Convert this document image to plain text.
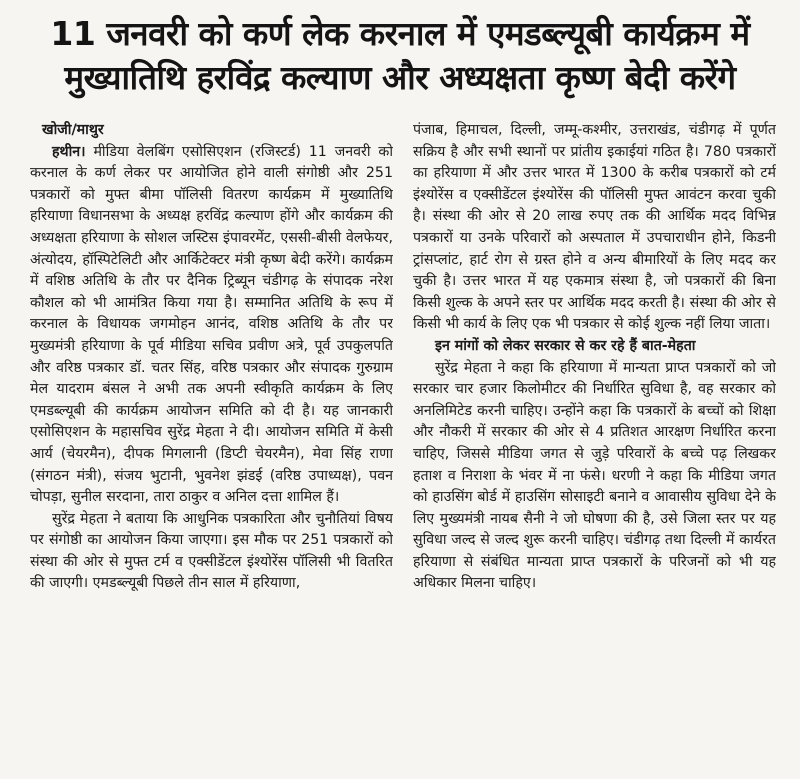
11 जनवरी को कर्ण लेक करनाल में एमडब्ल्यूबी कार्यक्रम में
मुख्यातिथि हरविंद्र कल्याण और अध्यक्षता कृष्ण बेदी करेंगे
खोजी/माथुर

हथीन। मीडिया वेलबिंग एसोसिएशन (रजिस्टर्ड) 11 जनवरी को करनाल के कर्ण लेकर पर आयोजित होने वाली संगोष्ठी और 251 पत्रकारों को मुफ्त बीमा पॉलिसी वितरण कार्यक्रम में मुख्यातिथि हरियाणा विधानसभा के अध्यक्ष हरविंद्र कल्याण होंगे और कार्यक्रम की अध्यक्षता हरियाणा के सोशल जस्टिस इंपावरमेंट, एससी-बीसी वेलफेयर, अंत्योदय, हॉस्पिटेलिटी और आर्किटेक्टर मंत्री कृष्ण बेदी करेंगे। कार्यक्रम में वशिष्ठ अतिथि के तौर पर दैनिक ट्रिब्यून चंडीगढ़ के संपादक नरेश कौशल को भी आमंत्रित किया गया है। सम्मानित अतिथि के रूप में करनाल के विधायक जगमोहन आनंद, वशिष्ठ अतिथि के तौर पर मुख्यमंत्री हरियाणा के पूर्व मीडिया सचिव प्रवीण अत्रे, पूर्व उपकुलपति और वरिष्ठ पत्रकार डॉ. चतर सिंह, वरिष्ठ पत्रकार और संपादक गुरुग्राम मेल यादराम बंसल ने अभी तक अपनी स्वीकृति कार्यक्रम के लिए एमडब्ल्यूबी की कार्यक्रम आयोजन समिति को दी है। यह जानकारी एसोसिएशन के महासचिव सुरेंद्र मेहता ने दी। आयोजन समिति में केसी आर्य (चेयरमैन), दीपक मिगलानी (डिप्टी चेयरमैन), मेवा सिंह राणा (संगठन मंत्री), संजय भुटानी, भुवनेश झंडई (वरिष्ठ उपाध्यक्ष), पवन चोपड़ा, सुनील सरदाना, तारा ठाकुर व अनिल दत्ता शामिल हैं।

सुरेंद्र मेहता ने बताया कि आधुनिक पत्रकारिता और चुनौतियां विषय पर संगोष्ठी का आयोजन किया जाएगा। इस मौक पर 251 पत्रकारों को संस्था की ओर से मुफ्त टर्म व एक्सीडेंटल इंश्योरेंस पॉलिसी भी वितरित की जाएगी। एमडब्ल्यूबी पिछले तीन साल में हरियाणा,

पंजाब, हिमाचल, दिल्ली, जम्मू-कश्मीर, उत्तराखंड, चंडीगढ़ में पूर्णत सक्रिय है और सभी स्थानों पर प्रांतीय इकाईयां गठित है। 780 पत्रकारों का हरियाणा में और उत्तर भारत में 1300 के करीब पत्रकारों को टर्म इंश्योरेंस व एक्सीडेंटल इंश्योरेंस की पॉलिसी मुफ्त आवंटन करवा चुकी है। संस्था की ओर से 20 लाख रुपए तक की आर्थिक मदद विभिन्न पत्रकारों या उनके परिवारों को अस्पताल में उपचाराधीन होने, किडनी ट्रांसप्लांट, हार्ट रोग से ग्रस्त होने व अन्य बीमारियों के लिए मदद कर चुकी है। उत्तर भारत में यह एकमात्र संस्था है, जो पत्रकारों की बिना किसी शुल्क के अपने स्तर पर आर्थिक मदद करती है। संस्था की ओर से किसी भी कार्य के लिए एक भी पत्रकार से कोई शुल्क नहीं लिया जाता।

इन मांगों को लेकर सरकार से कर रहे हैं बात-मेहता

सुरेंद्र मेहता ने कहा कि हरियाणा में मान्यता प्राप्त पत्रकारों को जो सरकार चार हजार किलोमीटर की निर्धारित सुविधा है, वह सरकार को अनलिमिटेड करनी चाहिए। उन्होंने कहा कि पत्रकारों के बच्चों को शिक्षा और नौकरी में सरकार की ओर से 4 प्रतिशत आरक्षण निर्धारित करना चाहिए, जिससे मीडिया जगत से जुड़े परिवारों के बच्चे पढ़ लिखकर हताश व निराशा के भंवर में ना फंसे। धरणी ने कहा कि मीडिया जगत को हाउसिंग बोर्ड में हाउसिंग सोसाइटी बनाने व आवासीय सुविधा देने के लिए मुख्यमंत्री नायब सैनी ने जो घोषणा की है, उसे जिला स्तर पर यह सुविधा जल्द से जल्द शुरू करनी चाहिए। चंडीगढ़ तथा दिल्ली में कार्यरत हरियाणा से संबंधित मान्यता प्राप्त पत्रकारों के परिजनों को भी यह अधिकार मिलना चाहिए।
